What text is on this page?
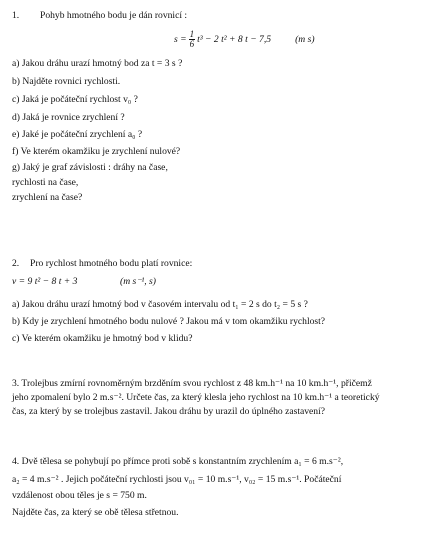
1. Pohyb hmotného bodu je dán rovnicí :
$s = \frac{1}{6} t^3 - 2$ t² + 8 t − 7,5	(m s)
a) Jakou dráhu urazí hmotný bod za t = 3 s ?
b) Najděte rovnici rychlosti.
c) Jaká je počáteční rychlost v₀ ?
d) Jaká je rovnice zrychlení ?
e) Jaké je počáteční zrychlení a₀ ?
f) Ve kterém okamžiku je zrychlení nulové?
g) Jaký je graf závislosti : dráhy na čase,
rychlosti na čase,
zrychlení na čase?
2. Pro rychlost hmotného bodu platí rovnice:
v = 9 t² − 8 t + 3	(m s⁻¹, s)
a) Jakou dráhu urazí hmotný bod v časovém intervalu od t₁ = 2 s do t₂ = 5 s ?
b) Kdy je zrychlení hmotného bodu nulové ? Jakou má v tom okamžiku rychlost?
c) Ve kterém okamžiku je hmotný bod v klidu?
3. Trolejbus zmírní rovnoměrným brzděním svou rychlost z 48 km.h⁻¹ na 10 km.h⁻¹, přičemž
jeho zpomalení bylo 2 m.s⁻². Určete čas, za který klesla jeho rychlost na 10 km.h⁻¹ a teoretický
čas, za který by se trolejbus zastavil. Jakou dráhu by urazil do úplného zastavení?
4. Dvě tělesa se pohybují po přímce proti sobě s konstantním zrychlením a₁ = 6 m.s⁻²,
a₂ = 4 m.s⁻² . Jejich počáteční rychlosti jsou v₀₁ = 10 m.s⁻¹, v₀₂ = 15 m.s⁻¹. Počáteční
vzdálenost obou těles je s = 750 m.
Najděte čas, za který se obě tělesa střetnou.
